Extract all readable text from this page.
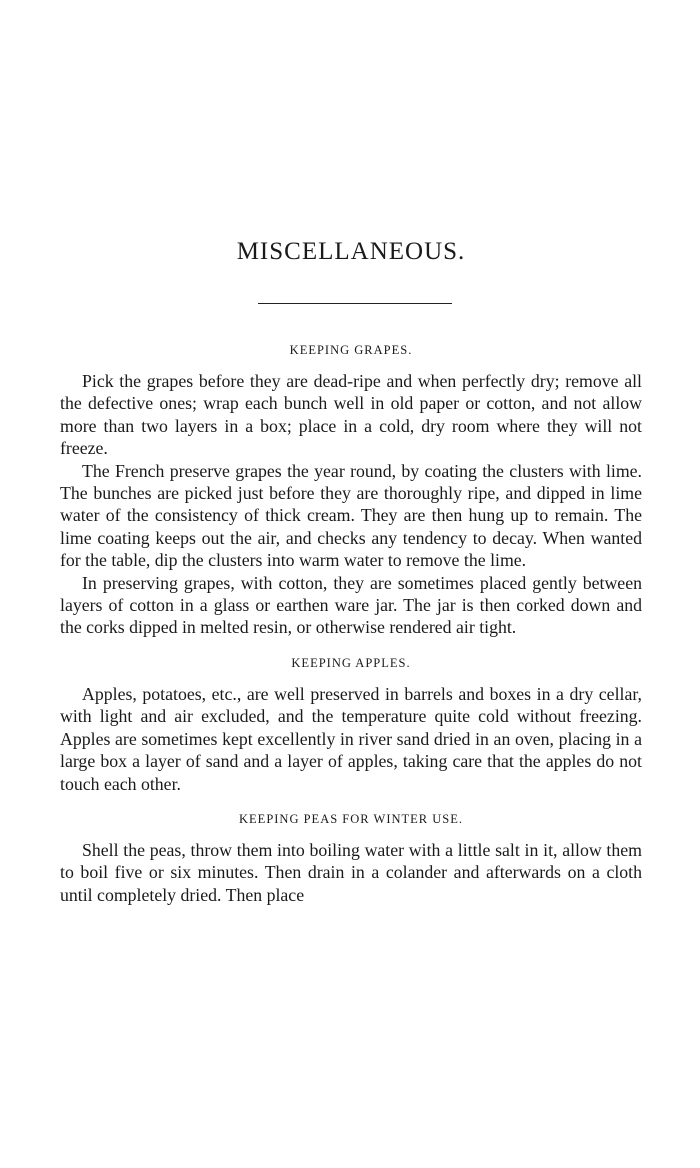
MISCELLANEOUS.
KEEPING GRAPES.

Pick the grapes before they are dead-ripe and when perfectly dry; remove all the defective ones; wrap each bunch well in old paper or cotton, and not allow more than two layers in a box; place in a cold, dry room where they will not freeze.

The French preserve grapes the year round, by coating the clusters with lime. The bunches are picked just before they are thoroughly ripe, and dipped in lime water of the consistency of thick cream. They are then hung up to remain. The lime coating keeps out the air, and checks any tendency to decay. When wanted for the table, dip the clusters into warm water to remove the lime.

In preserving grapes, with cotton, they are sometimes placed gently between layers of cotton in a glass or earthen ware jar. The jar is then corked down and the corks dipped in melted resin, or otherwise rendered air tight.

KEEPING APPLES.

Apples, potatoes, etc., are well preserved in barrels and boxes in a dry cellar, with light and air excluded, and the temperature quite cold without freezing. Apples are sometimes kept excellently in river sand dried in an oven, placing in a large box a layer of sand and a layer of apples, taking care that the apples do not touch each other.

KEEPING PEAS FOR WINTER USE.

Shell the peas, throw them into boiling water with a little salt in it, allow them to boil five or six minutes. Then drain in a colander and afterwards on a cloth until completely dried. Then place
